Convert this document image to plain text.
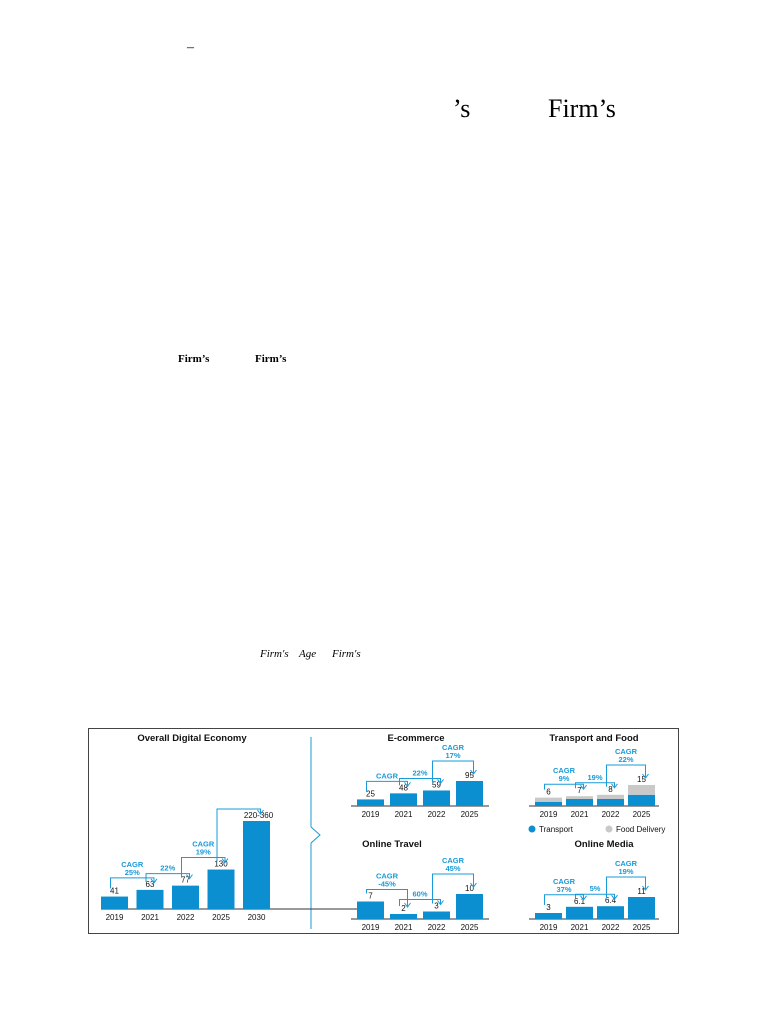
–
’s	Firm’s
Firm’s	Firm’s
Firm's Age Firm's
Overall Digital Economy
41
2019
63
2021
77
2022
130
2025
220-360
2030
CAGR
25%	22%
CAGR
19%
E-commerce
25
2019
48
2021
59
2022
95
2025
CAGR 22%
CAGR
17%
Transport and Food
6
2019
7
2021
8
2022
15
2025
CAGR
9% 19%
CAGR
22%
Transport	Food Delivery
Online Travel
7
2019
2
2021
3
2022
10
2025
CAGR
-45%
60%
CAGR
45%
Online Media
3
2019
6.1
2021
6.4
2022
11
2025
CAGR
37% 5%
CAGR
19%
